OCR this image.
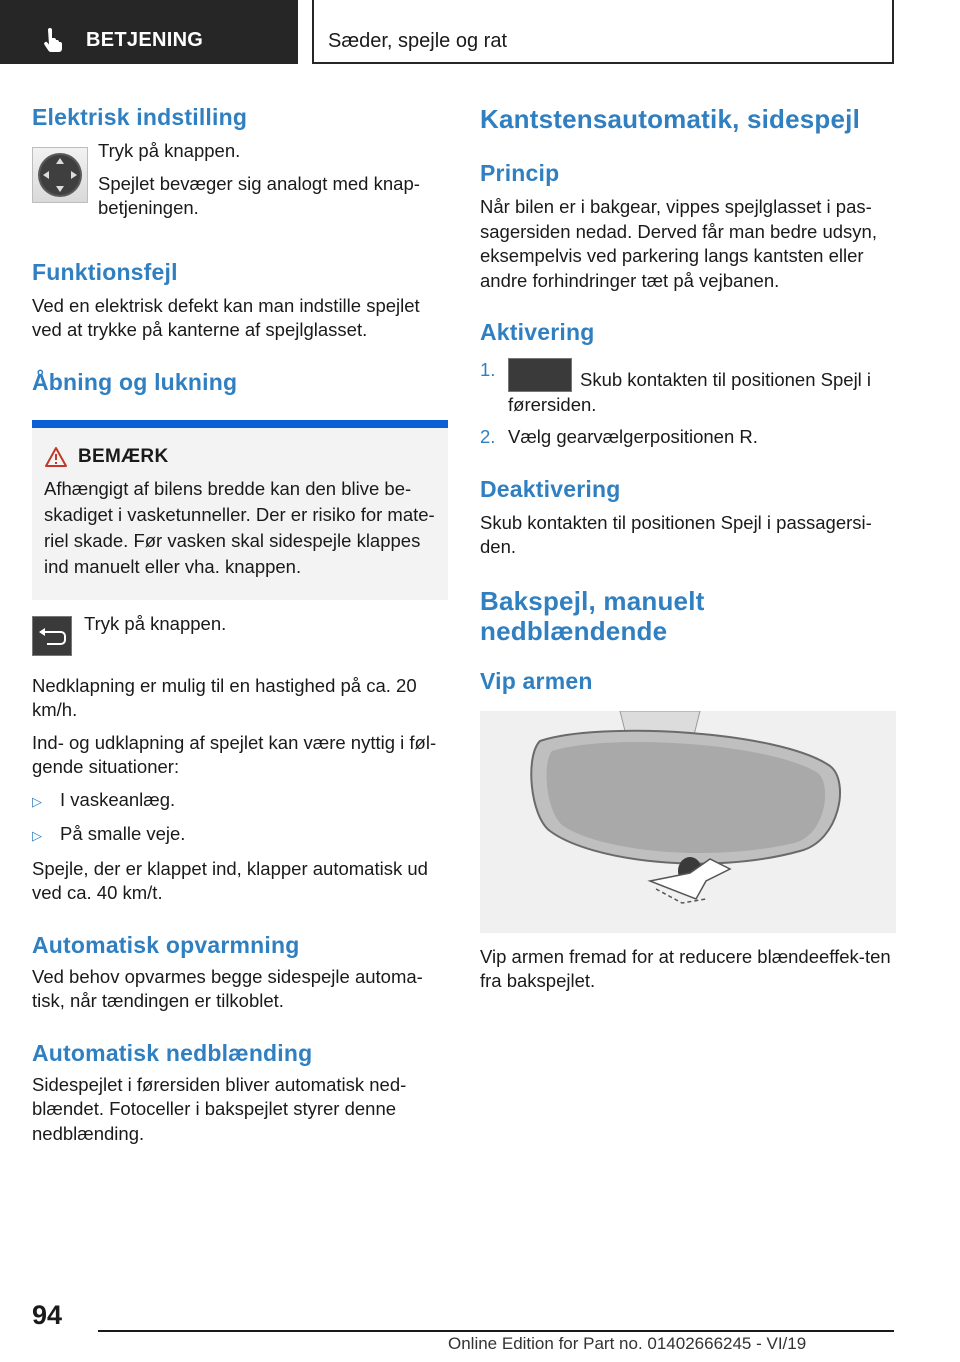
BETJENING	Sæder, spejle og rat
Elektrisk indstilling

Tryk på knappen.

Spejlet bevæger sig analogt med knap-betjeningen.

Funktionsfejl

Ved en elektrisk defekt kan man indstille spejlet ved at trykke på kanterne af spejlglasset.

Åbning og lukning
BEMÆRK

Afhængigt af bilens bredde kan den blive be-skadiget i vasketunneller. Der er risiko for mate-riel skade. Før vasken skal sidespejle klappes ind manuelt eller vha. knappen.

Tryk på knappen.

Nedklapning er mulig til en hastighed på ca. 20 km/h.

Ind- og udklapning af spejlet kan være nyttig i føl-gende situationer:

▷ I vaskeanlæg.
▷ På smalle veje.

Spejle, der er klappet ind, klapper automatisk ud ved ca. 40 km/t.

Automatisk opvarmning

Ved behov opvarmes begge sidespejle automa-tisk, når tændingen er tilkoblet.

Automatisk nedblænding

Sidespejlet i førersiden bliver automatisk ned-blændet. Fotoceller i bakspejlet styrer denne nedblænding.

Kantstensautomatik, sidespejl
Princip

Når bilen er i bakgear, vippes spejlglasset i pas-sagersiden nedad. Derved får man bedre udsyn, eksempelvis ved parkering langs kantsten eller andre forhindringer tæt på vejbanen.

Aktivering
1.	Skub kontakten til positionen Spejl i førersiden.
2. Vælg gearvælgerpositionen R.
Deaktivering

Skub kontakten til positionen Spejl i passagersi-den.

Bakspejl, manuelt nedblændende
Vip armen

Vip armen fremad for at reducere blændeeffek-ten fra bakspejlet.

94
Online Edition for Part no. 01402666245 - VI/19
